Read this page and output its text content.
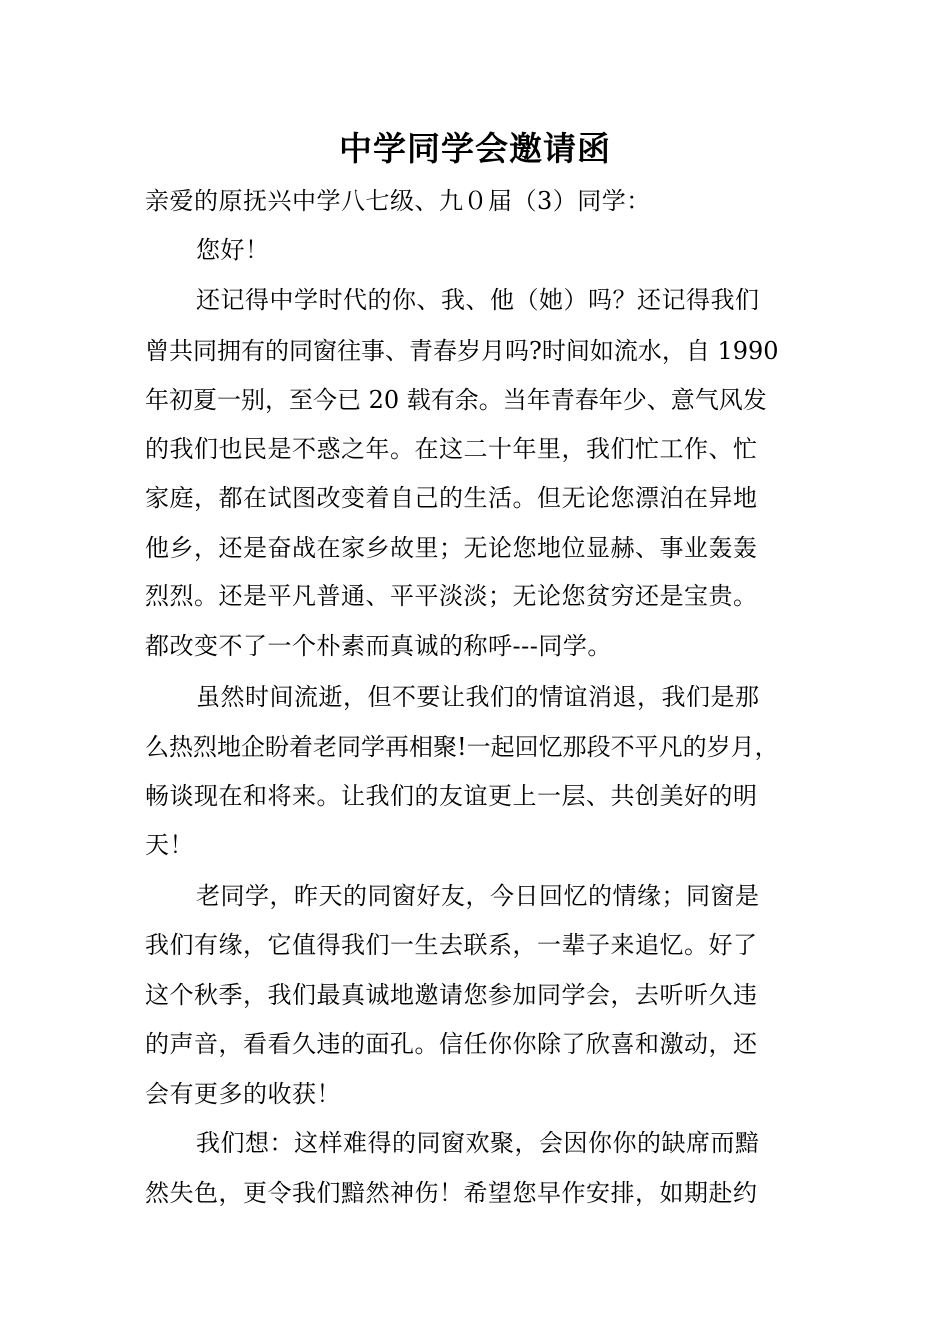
中学同学会邀请函
亲爱的原抚兴中学八七级、九０届（3）同学：
您好！
还记得中学时代的你、我、他（她）吗？还记得我们
曾共同拥有的同窗往事、青春岁月吗?时间如流水，自 1990
年初夏一别，至今已 20 载有余。当年青春年少、意气风发
的我们也民是不惑之年。在这二十年里，我们忙工作、忙
家庭，都在试图改变着自己的生活。但无论您漂泊在异地
他乡，还是奋战在家乡故里；无论您地位显赫、事业轰轰
烈烈。还是平凡普通、平平淡淡；无论您贫穷还是宝贵。
都改变不了一个朴素而真诚的称呼---同学。
虽然时间流逝，但不要让我们的情谊消退，我们是那
么热烈地企盼着老同学再相聚!一起回忆那段不平凡的岁月，
畅谈现在和将来。让我们的友谊更上一层、共创美好的明
天！
老同学，昨天的同窗好友，今日回忆的情缘；同窗是
我们有缘，它值得我们一生去联系，一辈子来追忆。好了
这个秋季，我们最真诚地邀请您参加同学会，去听听久违
的声音，看看久违的面孔。信任你你除了欣喜和激动，还
会有更多的收获！
我们想：这样难得的同窗欢聚，会因你你的缺席而黯
然失色，更令我们黯然神伤！希望您早作安排，如期赴约
